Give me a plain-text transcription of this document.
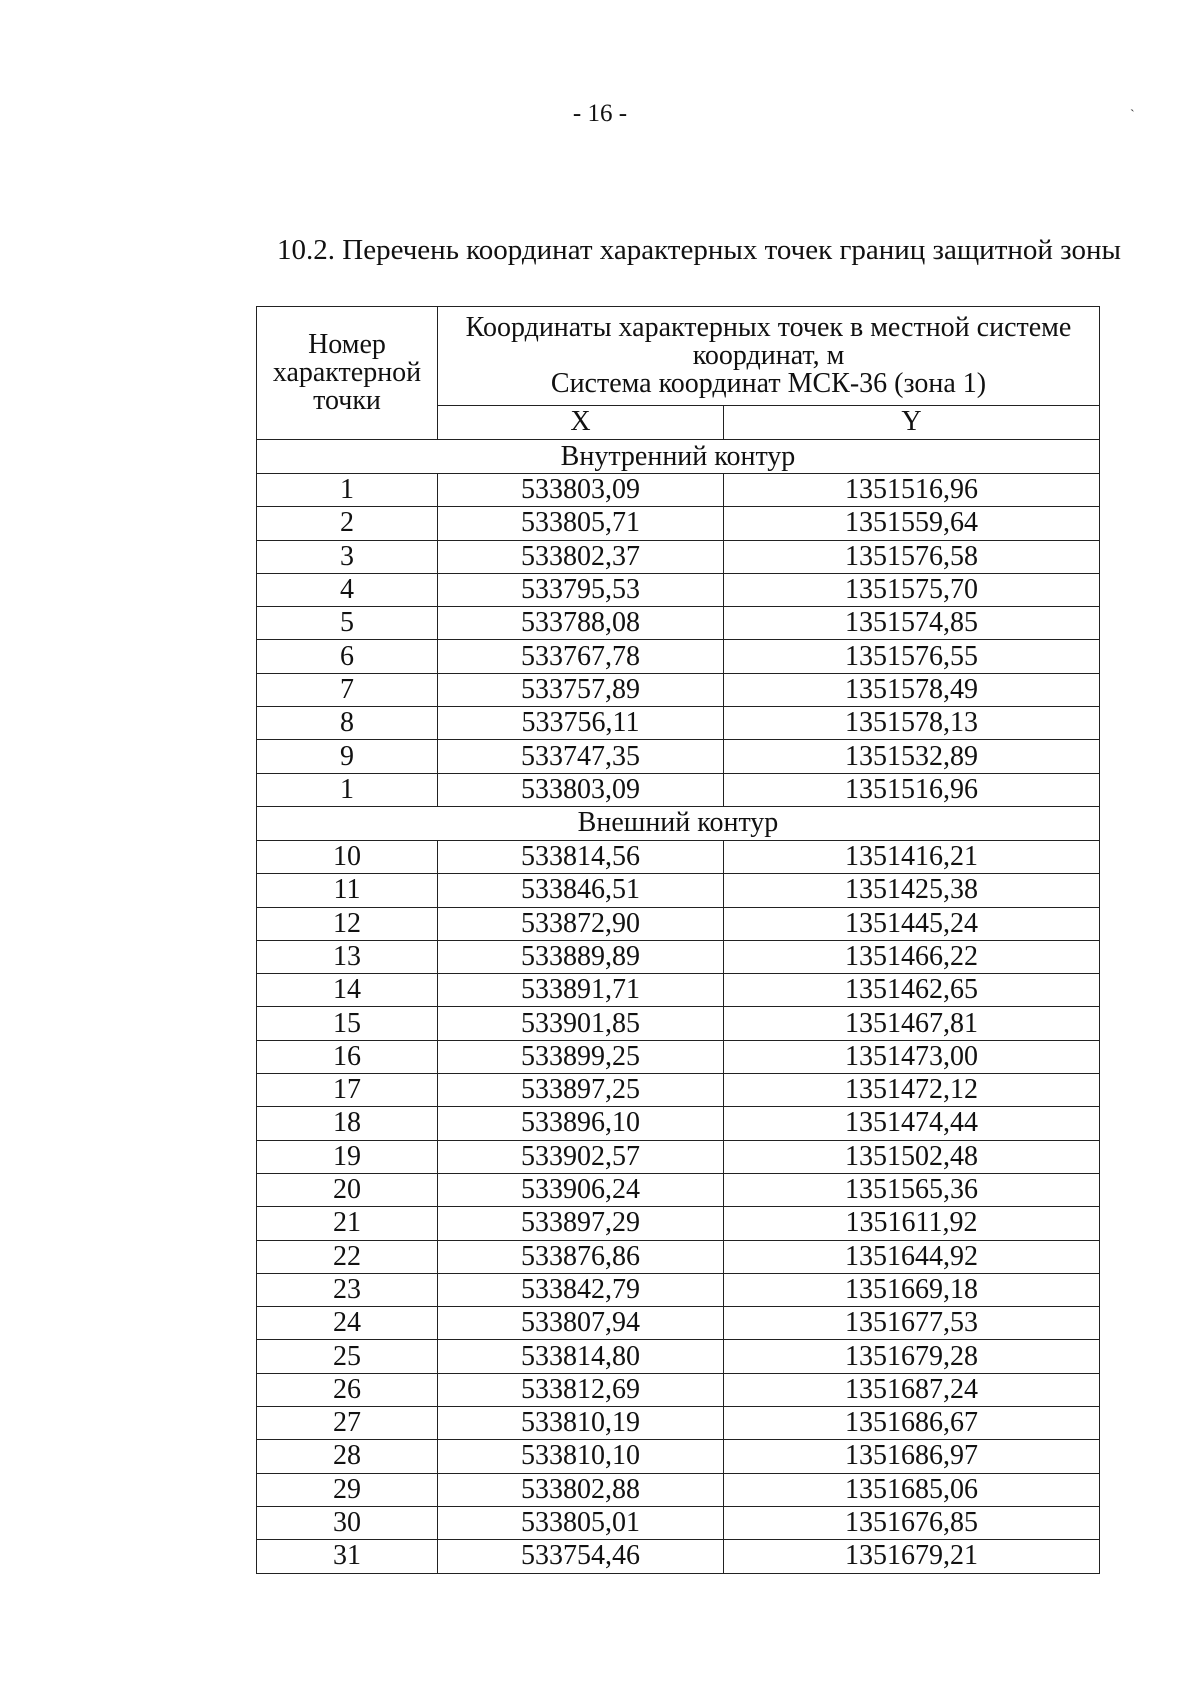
- 16 -
10.2. Перечень координат характерных точек границ защитной зоны
Номер характерной точки	Координаты характерных точек в местной системе координат, м
Система координат МСК-36 (зона 1)	

	X	Y
Внутренний контур		
1	533803,09	1351516,96
2	533805,71	1351559,64
3	533802,37	1351576,58
4	533795,53	1351575,70
5	533788,08	1351574,85
6	533767,78	1351576,55
7	533757,89	1351578,49
8	533756,11	1351578,13
9	533747,35	1351532,89
1	533803,09	1351516,96
Внешний контур		
10	533814,56	1351416,21
11	533846,51	1351425,38
12	533872,90	1351445,24
13	533889,89	1351466,22
14	533891,71	1351462,65
15	533901,85	1351467,81
16	533899,25	1351473,00
17	533897,25	1351472,12
18	533896,10	1351474,44
19	533902,57	1351502,48
20	533906,24	1351565,36
21	533897,29	1351611,92
22	533876,86	1351644,92
23	533842,79	1351669,18
24	533807,94	1351677,53
25	533814,80	1351679,28
26	533812,69	1351687,24
27	533810,19	1351686,67
28	533810,10	1351686,97
29	533802,88	1351685,06
30	533805,01	1351676,85
31	533754,46	1351679,21
`
